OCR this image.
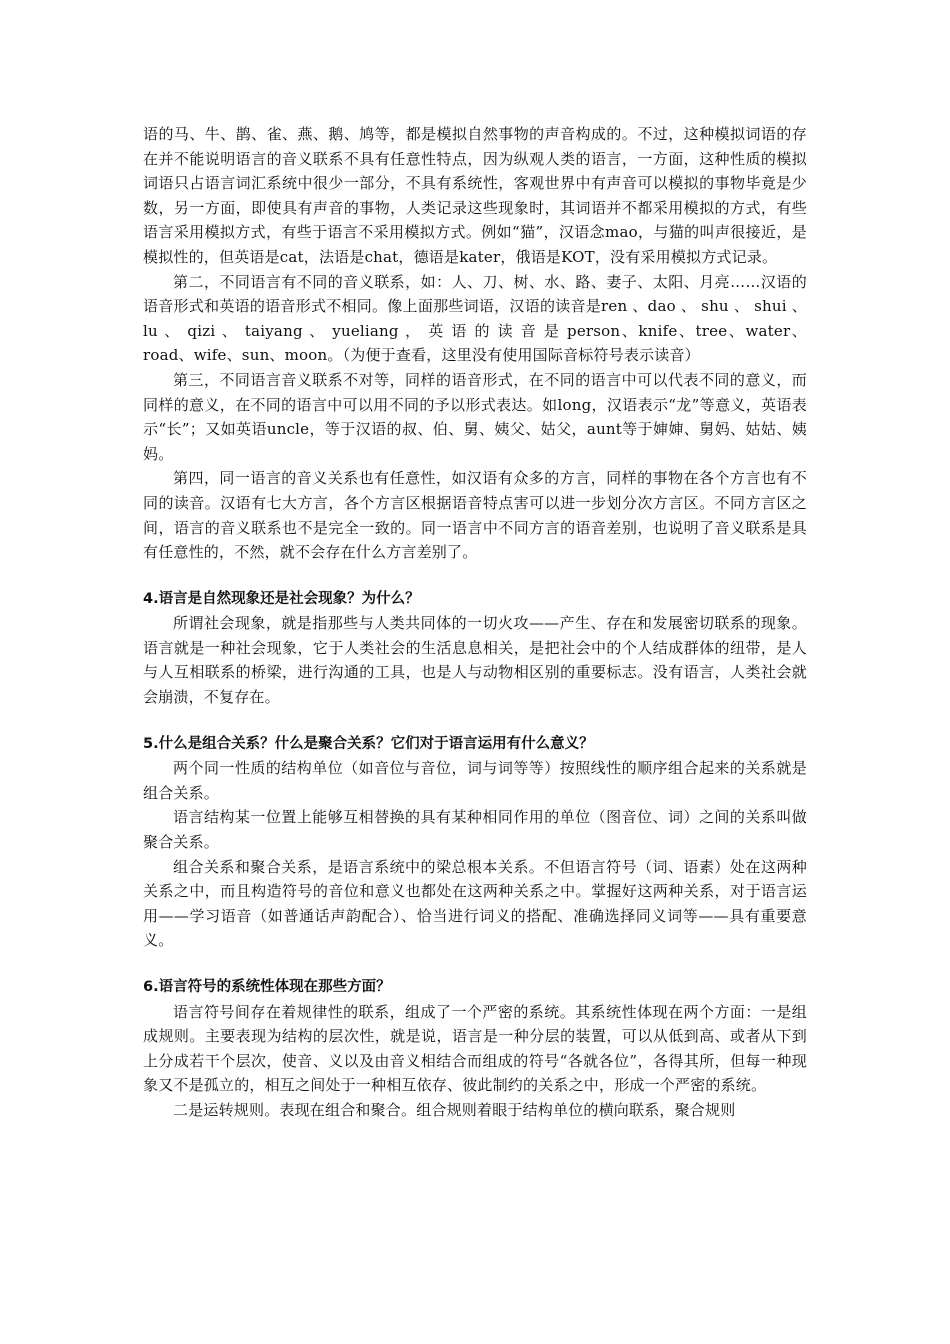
语的马、牛、鹊、雀、燕、鹅、鸠等，都是模拟自然事物的声音构成的。不过，这种模拟词语的存在并不能说明语言的音义联系不具有任意性特点，因为纵观人类的语言，一方面，这种性质的模拟词语只占语言词汇系统中很少一部分，不具有系统性，客观世界中有声音可以模拟的事物毕竟是少数，另一方面，即使具有声音的事物，人类记录这些现象时，其词语并不都采用模拟的方式，有些语言采用模拟方式，有些于语言不采用模拟方式。例如“猫”，汉语念mao，与猫的叫声很接近，是模拟性的，但英语是cat，法语是chat，德语是kater，俄语是KOT，没有采用模拟方式记录。

第二，不同语言有不同的音义联系，如：人、刀、树、水、路、妻子、太阳、月亮……汉语的语音形式和英语的语音形式不相同。像上面那些词语，汉语的读音是ren 、dao 、 shu 、 shui 、 lu 、 qizi 、 taiyang 、 yueliang ， 英 语 的 读 音 是 person、knife、tree、water、road、wife、sun、moon。（为便于查看，这里没有使用国际音标符号表示读音）

第三，不同语言音义联系不对等，同样的语音形式，在不同的语言中可以代表不同的意义，而同样的意义，在不同的语言中可以用不同的予以形式表达。如long，汉语表示“龙”等意义，英语表示“长”；又如英语uncle，等于汉语的叔、伯、舅、姨父、姑父，aunt等于婶婶、舅妈、姑姑、姨妈。

第四，同一语言的音义关系也有任意性，如汉语有众多的方言，同样的事物在各个方言也有不同的读音。汉语有七大方言，各个方言区根据语音特点害可以进一步划分次方言区。不同方言区之间，语言的音义联系也不是完全一致的。同一语言中不同方言的语音差别，也说明了音义联系是具有任意性的，不然，就不会存在什么方言差别了。

4.语言是自然现象还是社会现象？为什么？

所谓社会现象，就是指那些与人类共同体的一切火攻——产生、存在和发展密切联系的现象。语言就是一种社会现象，它于人类社会的生活息息相关，是把社会中的个人结成群体的纽带，是人与人互相联系的桥梁，进行沟通的工具，也是人与动物相区别的重要标志。没有语言，人类社会就会崩溃，不复存在。

5.什么是组合关系？什么是聚合关系？它们对于语言运用有什么意义？

两个同一性质的结构单位（如音位与音位，词与词等等）按照线性的顺序组合起来的关系就是组合关系。

语言结构某一位置上能够互相替换的具有某种相同作用的单位（图音位、词）之间的关系叫做聚合关系。

组合关系和聚合关系，是语言系统中的梁总根本关系。不但语言符号（词、语素）处在这两种关系之中，而且构造符号的音位和意义也都处在这两种关系之中。掌握好这两种关系，对于语言运用——学习语音（如普通话声韵配合）、恰当进行词义的搭配、准确选择同义词等——具有重要意义。

6.语言符号的系统性体现在那些方面？

语言符号间存在着规律性的联系，组成了一个严密的系统。其系统性体现在两个方面：一是组成规则。主要表现为结构的层次性，就是说，语言是一种分层的装置，可以从低到高、或者从下到上分成若干个层次，使音、义以及由音义相结合而组成的符号“各就各位”，各得其所，但每一种现象又不是孤立的，相互之间处于一种相互依存、彼此制约的关系之中，形成一个严密的系统。

二是运转规则。表现在组合和聚合。组合规则着眼于结构单位的横向联系，聚合规则
